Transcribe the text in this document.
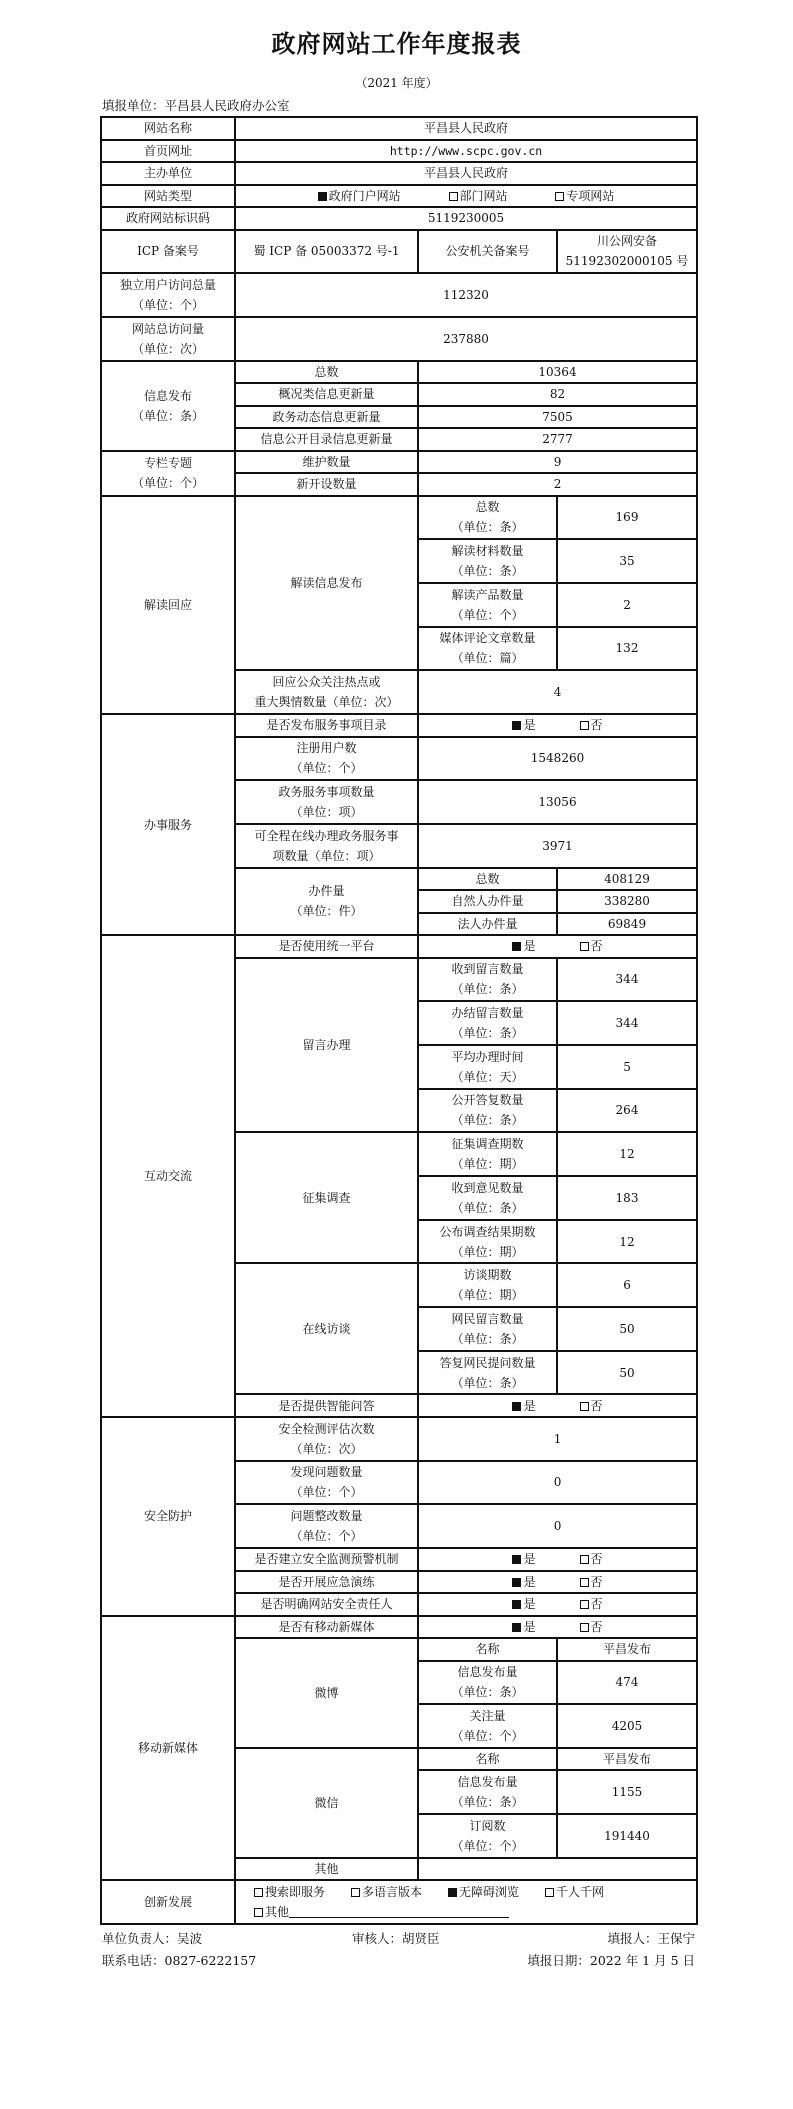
政府网站工作年度报表
（2021 年度）
填报单位：平昌县人民政府办公室
网站名称	平昌县人民政府		
首页网址	http://www.scpc.gov.cn		
主办单位	平昌县人民政府		
网站类型	政府门户网站 部门网站 专项网站		
政府网站标识码	5119230005		
ICP 备案号	蜀 ICP 备 05003372 号-1	公安机关备案号	川公网安备
51192302000105 号

独立用户访问总量
（单位：个）	112320		

网站总访问量
（单位：次）	237880		

信息发布
（单位：条）	总数	10364	
	概况类信息更新量	82	
	政务动态信息更新量	7505	
	信息公开目录信息更新量	2777	

专栏专题
（单位：个）	维护数量	9	
	新开设数量	2	
解读回应	解读信息发布	总数
（单位：条）	169

		解读材料数量
（单位：条）	35

		解读产品数量
（单位：个）	2

		媒体评论文章数量
（单位：篇）	132

	回应公众关注热点或
重大舆情数量（单位：次）	4	
办事服务	是否发布服务事项目录	是 否	

	注册用户数
（单位：个）	1548260	

	政务服务事项数量
（单位：项）	13056	

	可全程在线办理政务服务事
项数量（单位：项）	3971	

	办件量
（单位：件）	总数	408129
		自然人办件量	338280
		法人办件量	69849
互动交流	是否使用统一平台	是 否	
	留言办理	收到留言数量
（单位：条）	344

		办结留言数量
（单位：条）	344

		平均办理时间
（单位：天）	5

		公开答复数量
（单位：条）	264
	征集调查	征集调查期数
（单位：期）	12

		收到意见数量
（单位：条）	183

		公布调查结果期数
（单位：期）	12
	在线访谈	访谈期数
（单位：期）	6

		网民留言数量
（单位：条）	50

		答复网民提问数量
（单位：条）	50
	是否提供智能问答	是 否	
安全防护	安全检测评估次数
（单位：次）	1	

	发现问题数量
（单位：个）	0	

	问题整改数量
（单位：个）	0	
	是否建立安全监测预警机制	是 否	
	是否开展应急演练	是 否	
	是否明确网站安全责任人	是 否	
移动新媒体	是否有移动新媒体	是 否	
	微博	名称	平昌发布

		信息发布量
（单位：条）	474

		关注量
（单位：个）	4205
	微信	名称	平昌发布

		信息发布量
（单位：条）	1155

		订阅数
（单位：个）	191440
	其他		
创新发展	搜索即服务 多语言版本 无障碍浏览 千人千网
其他		
单位负责人：吴波	审核人：胡贤臣	填报人：王保宁
联系电话：0827-6222157	填报日期：2022 年 1 月 5 日
